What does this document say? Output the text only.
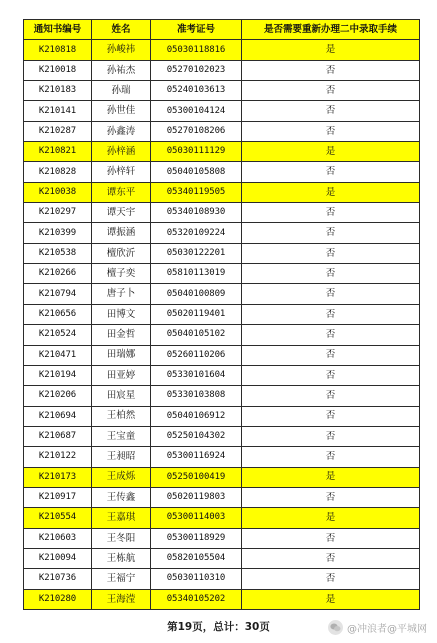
通知书编号	姓名	准考证号	是否需要重新办理二中录取手续
K210818	孙峻祎	05030118816	是
K210018	孙祐杰	05270102023	否
K210183	孙瑞	05240103613	否
K210141	孙世佳	05300104124	否
K210287	孙鑫涛	05270108206	否
K210821	孙梓涵	05030111129	是
K210828	孙梓轩	05040105808	否
K210038	谭东平	05340119505	是
K210297	谭天宇	05340108930	否
K210399	谭振涵	05320109224	否
K210538	檀欣沂	05030122201	否
K210266	檀子奕	05810113019	否
K210794	唐子卜	05040100809	否
K210656	田博文	05020119401	否
K210524	田金哲	05040105102	否
K210471	田瑞娜	05260110206	否
K210194	田亚婷	05330101604	否
K210206	田宸星	05330103808	否
K210694	王柏然	05040106912	否
K210687	王宝童	05250104302	否
K210122	王昶昭	05300116924	否
K210173	王成烁	05250100419	是
K210917	王传鑫	05020119803	否
K210554	王嘉琪	05300114003	是
K210603	王冬阳	05300118929	否
K210094	王栋航	05820105504	否
K210736	王福宁	05030110310	否
K210280	王海滢	05340105202	是
第19页，总计：30页	@冲浪者@平城网
